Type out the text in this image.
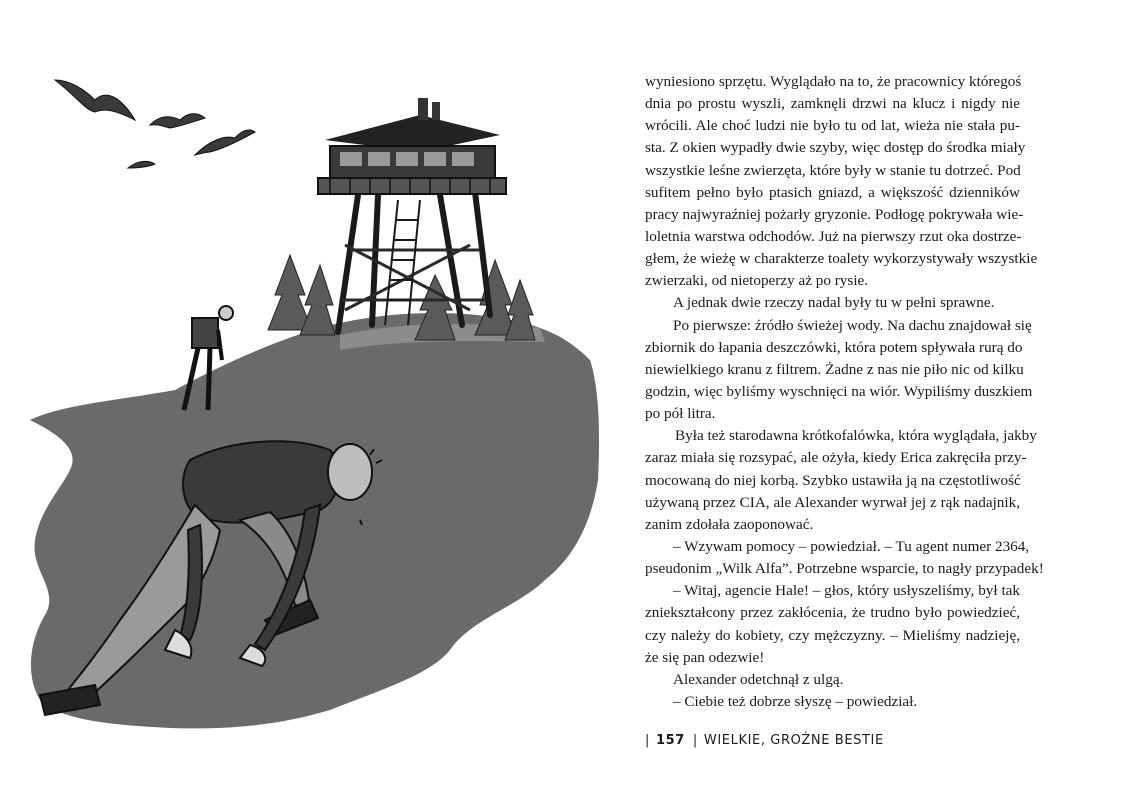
wyniesiono sprzętu. Wyglądało na to, że pracownicy któregoś
dnia po prostu wyszli, zamknęli drzwi na klucz i nigdy nie
wrócili. Ale choć ludzi nie było tu od lat, wieża nie stała pu-
sta. Z okien wypadły dwie szyby, więc dostęp do środka miały
wszystkie leśne zwierzęta, które były w stanie tu dotrzeć. Pod
sufitem pełno było ptasich gniazd, a większość dzienników
pracy najwyraźniej pożarły gryzonie. Podłogę pokrywała wie-
loletnia warstwa odchodów. Już na pierwszy rzut oka dostrze-
głem, że wieżę w charakterze toalety wykorzystywały wszystkie
zwierzaki, od nietoperzy aż po rysie.
A jednak dwie rzeczy nadal były tu w pełni sprawne.
Po pierwsze: źródło świeżej wody. Na dachu znajdował się
zbiornik do łapania deszczówki, która potem spływała rurą do
niewielkiego kranu z filtrem. Żadne z nas nie piło nic od kilku
godzin, więc byliśmy wyschnięci na wiór. Wypiliśmy duszkiem
po pół litra.
Była też starodawna krótkofalówka, która wyglądała, jakby
zaraz miała się rozsypać, ale ożyła, kiedy Erica zakręciła przy-
mocowaną do niej korbą. Szybko ustawiła ją na częstotliwość
używaną przez CIA, ale Alexander wyrwał jej z rąk nadajnik,
zanim zdołała zaoponować.
– Wzywam pomocy – powiedział. – Tu agent numer 2364,
pseudonim „Wilk Alfa”. Potrzebne wsparcie, to nagły przypadek!
– Witaj, agencie Hale! – głos, który usłyszeliśmy, był tak
zniekształcony przez zakłócenia, że trudno było powiedzieć,
czy należy do kobiety, czy mężczyzny. – Mieliśmy nadzieję,
że się pan odezwie!
Alexander odetchnął z ulgą.
– Ciebie też dobrze słyszę – powiedział.
| 157 | WIELKIE, GROŹNE BESTIE
